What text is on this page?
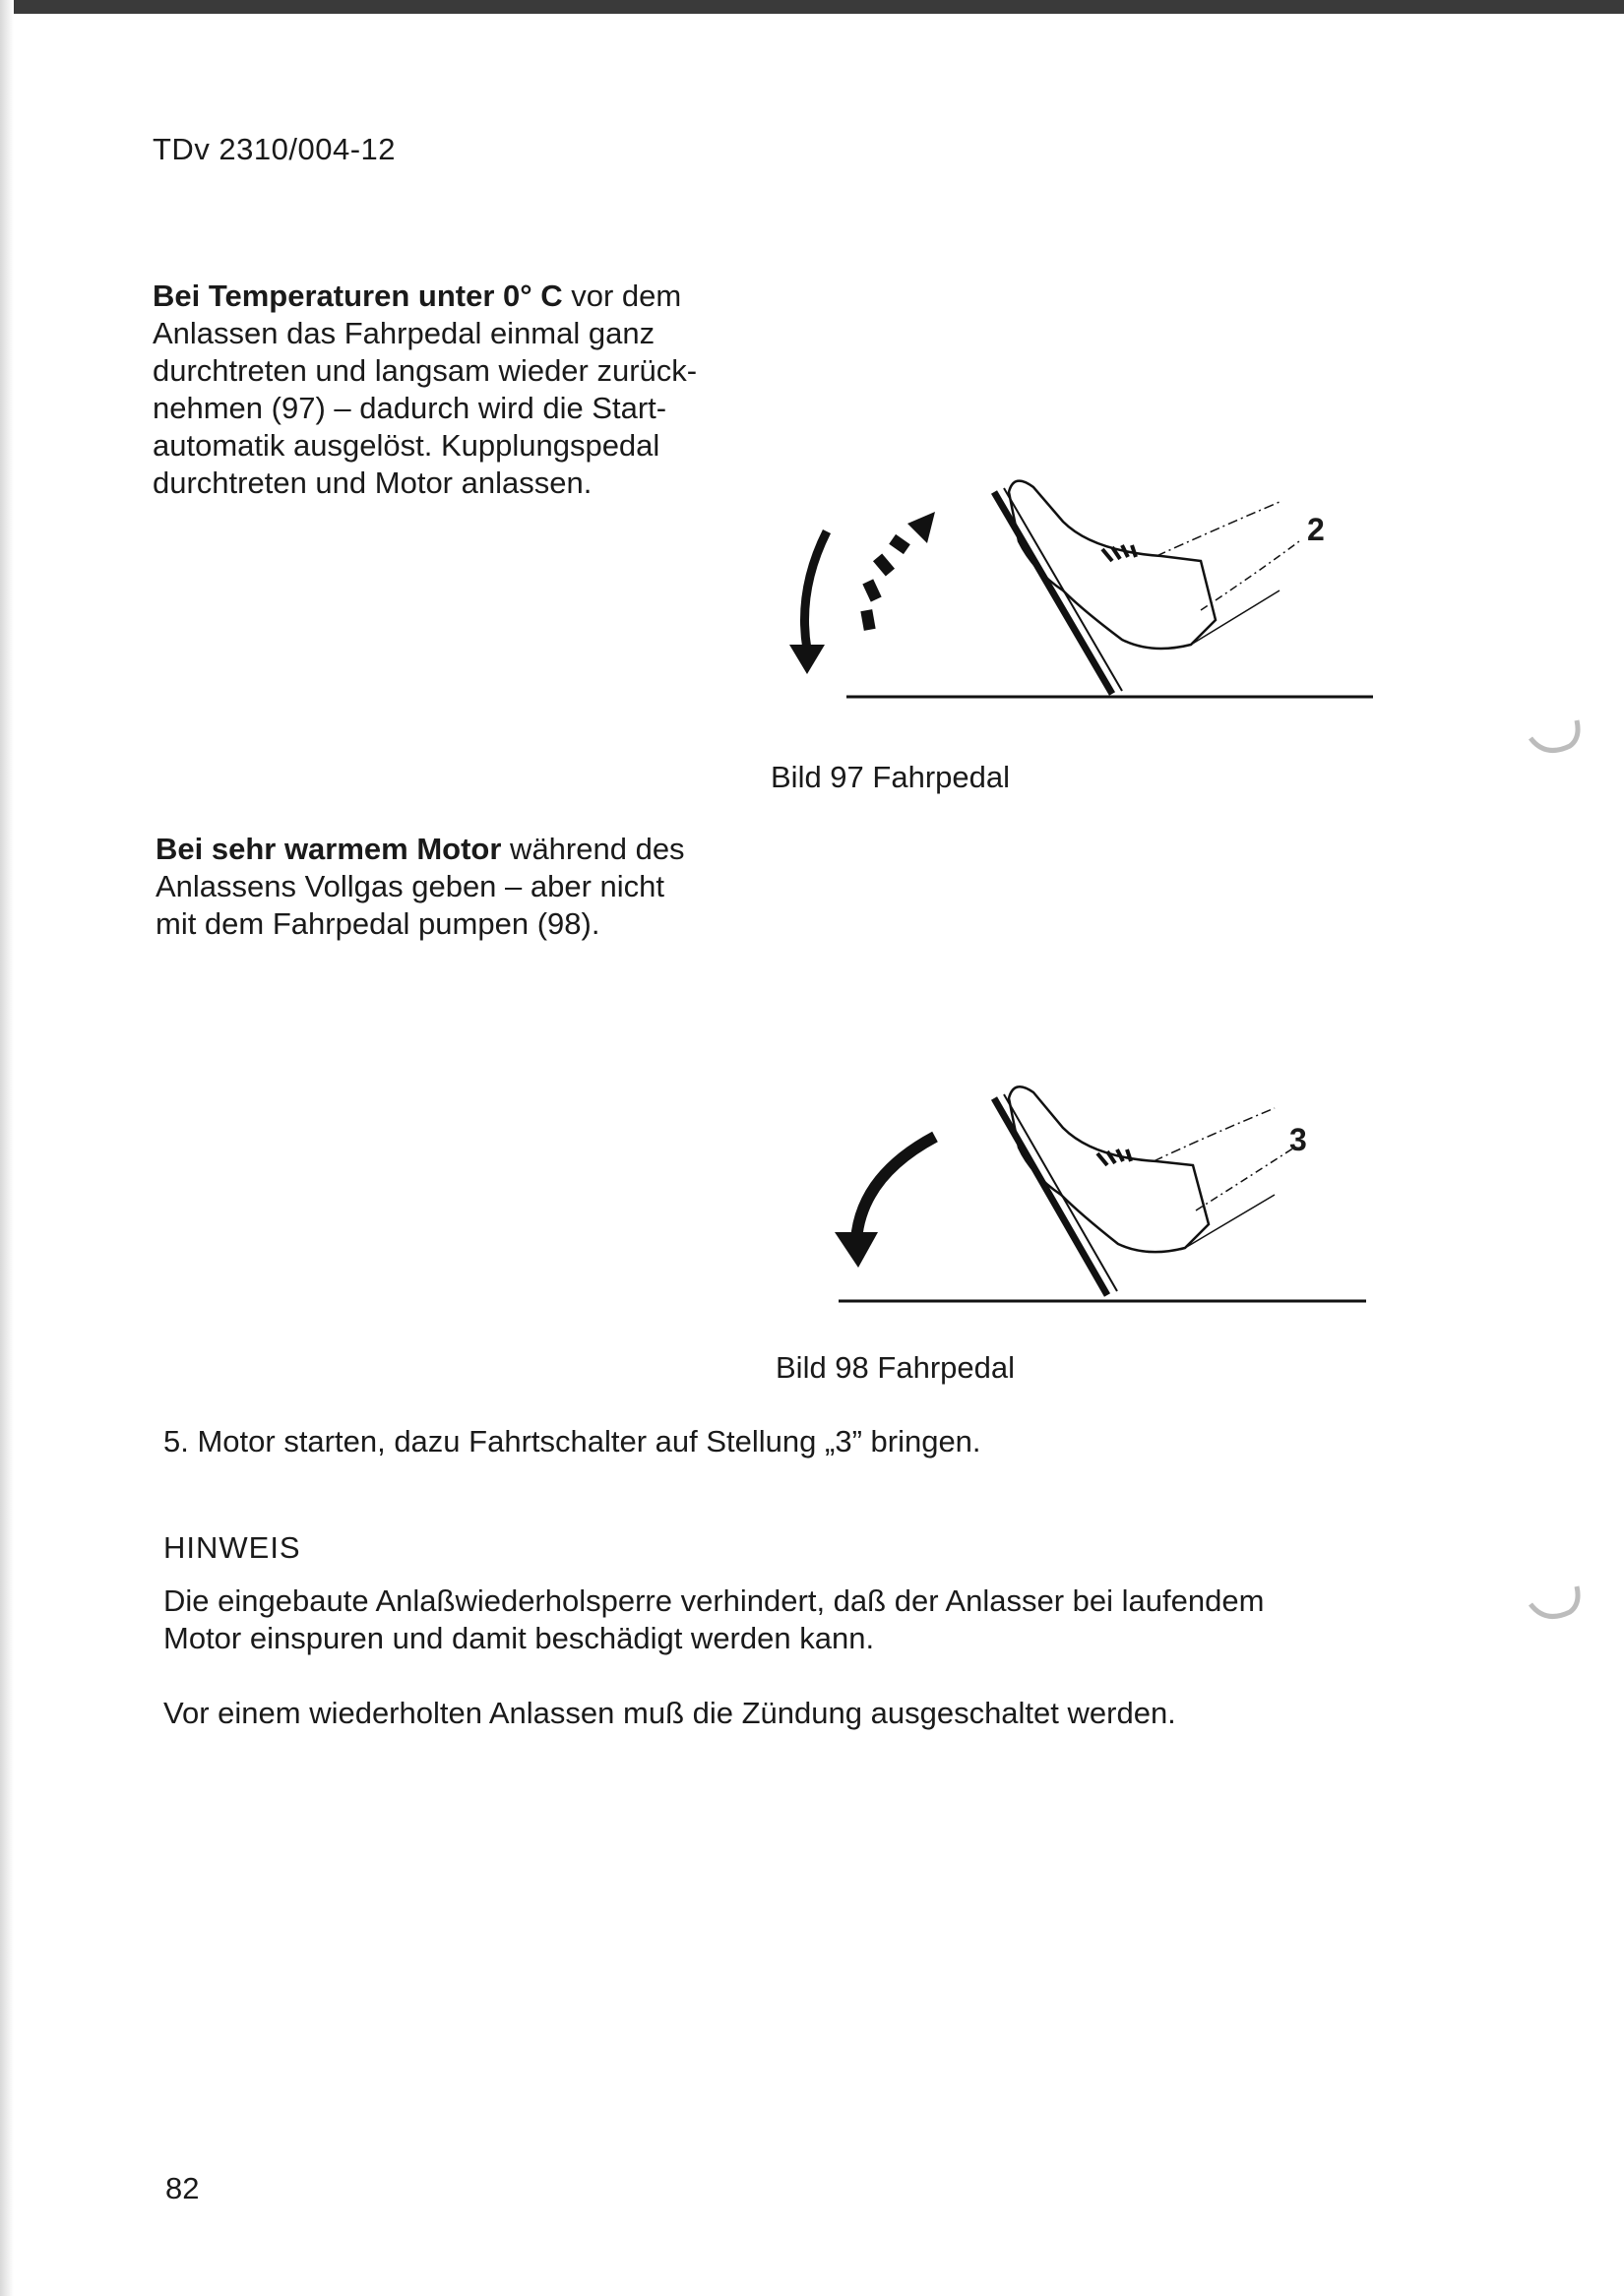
TDv 2310/004-12

Bei Temperaturen unter 0° C vor dem
Anlassen das Fahrpedal einmal ganz
durchtreten und langsam wieder zurück-
nehmen (97) – dadurch wird die Start-
automatik ausgelöst. Kupplungspedal
durchtreten und Motor anlassen.

2
Bild 97 Fahrpedal

Bei sehr warmem Motor während des
Anlassens Vollgas geben – aber nicht
mit dem Fahrpedal pumpen (98).

3
Bild 98 Fahrpedal
5. Motor starten, dazu Fahrtschalter auf Stellung „3” bringen.
HINWEIS

Die eingebaute Anlaßwiederholsperre verhindert, daß der Anlasser bei laufendem
Motor einspuren und damit beschädigt werden kann.

Vor einem wiederholten Anlassen muß die Zündung ausgeschaltet werden.

82
